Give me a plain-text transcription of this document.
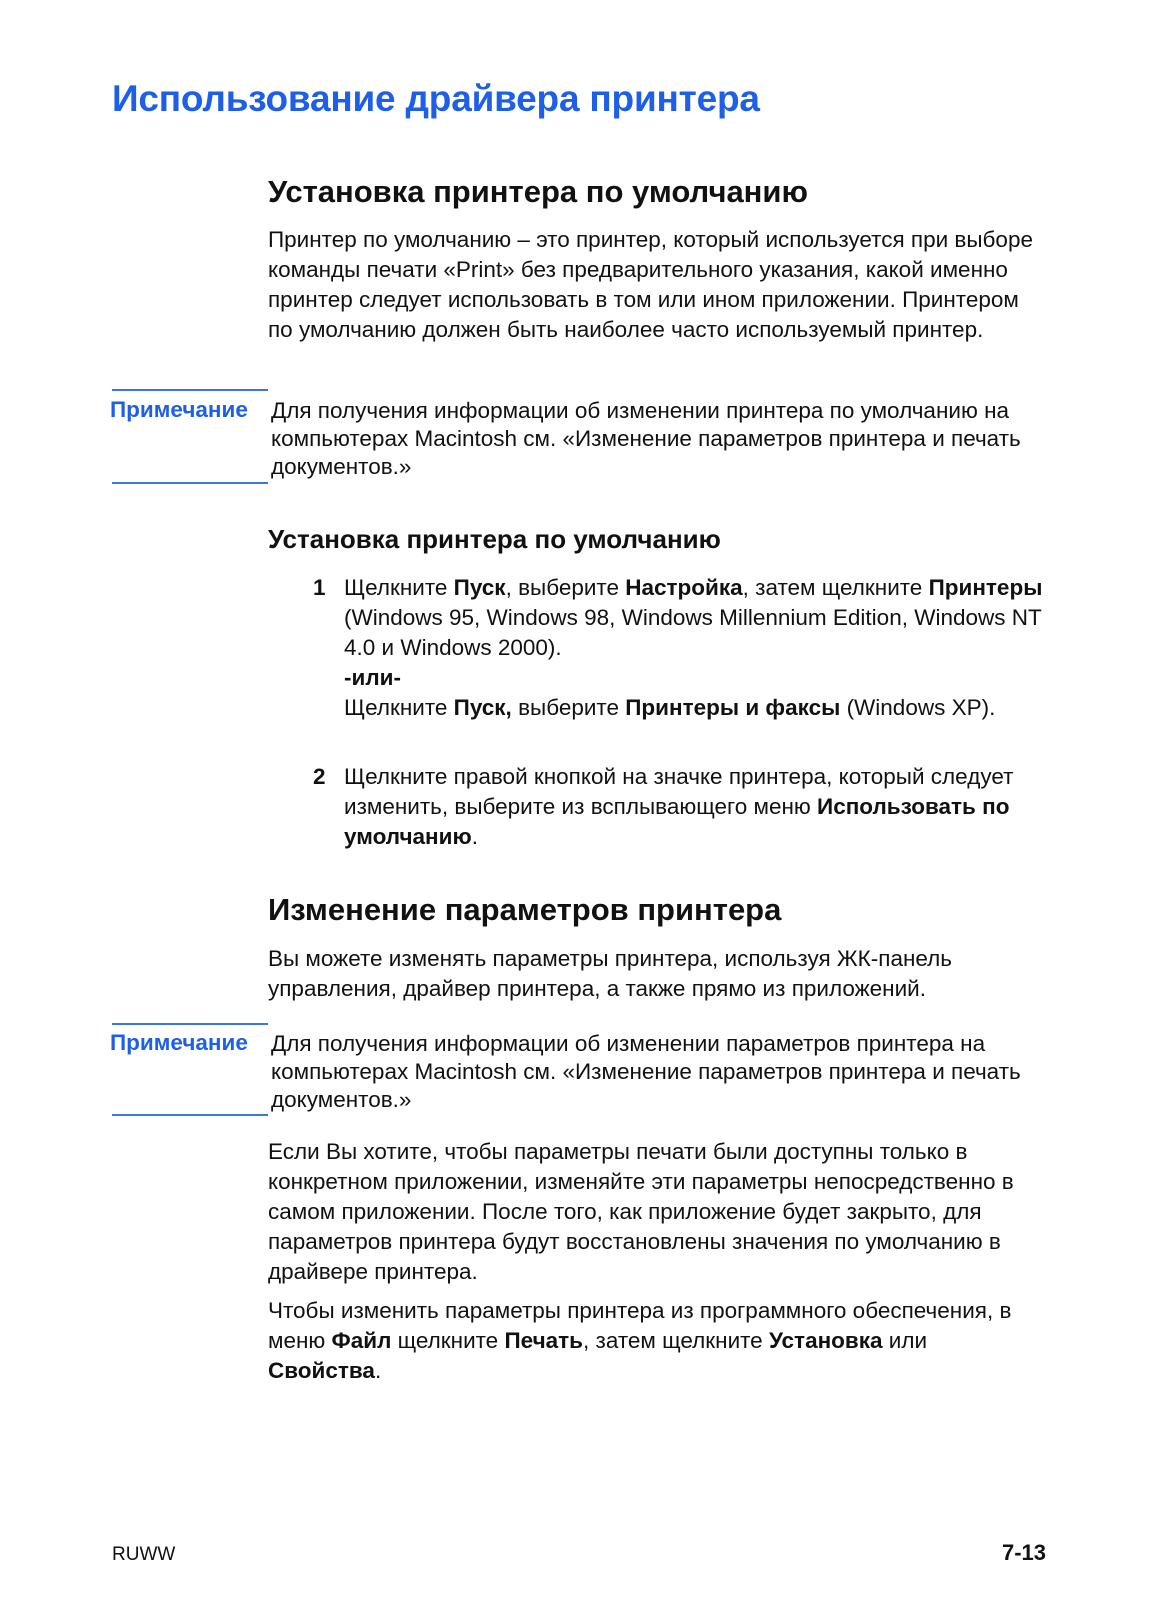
Использование драйвера принтера
Установка принтера по умолчанию

Принтер по умолчанию – это принтер, который используется при выборе команды печати «Print» без предварительного указания, какой именно принтер следует использовать в том или ином приложении. Принтером по умолчанию должен быть наиболее часто используемый принтер.

Примечание Для получения информации об изменении принтера по умолчанию на компьютерах Macintosh см. «Изменение параметров принтера и печать документов.»

Установка принтера по умолчанию

1 Щелкните Пуск, выберите Настройка, затем щелкните Принтеры (Windows 95, Windows 98, Windows Millennium Edition, Windows NT 4.0 и Windows 2000).
-или-
Щелкните Пуск, выберите Принтеры и факсы (Windows XP).

2 Щелкните правой кнопкой на значке принтера, который следует изменить, выберите из всплывающего меню Использовать по умолчанию.

Изменение параметров принтера

Вы можете изменять параметры принтера, используя ЖК-панель управления, драйвер принтера, а также прямо из приложений.

Примечание Для получения информации об изменении параметров принтера на компьютерах Macintosh см. «Изменение параметров принтера и печать документов.»

Если Вы хотите, чтобы параметры печати были доступны только в конкретном приложении, изменяйте эти параметры непосредственно в самом приложении. После того, как приложение будет закрыто, для параметров принтера будут восстановлены значения по умолчанию в драйвере принтера.

Чтобы изменить параметры принтера из программного обеспечения, в меню Файл щелкните Печать, затем щелкните Установка или Свойства.

RUWW	7-13
